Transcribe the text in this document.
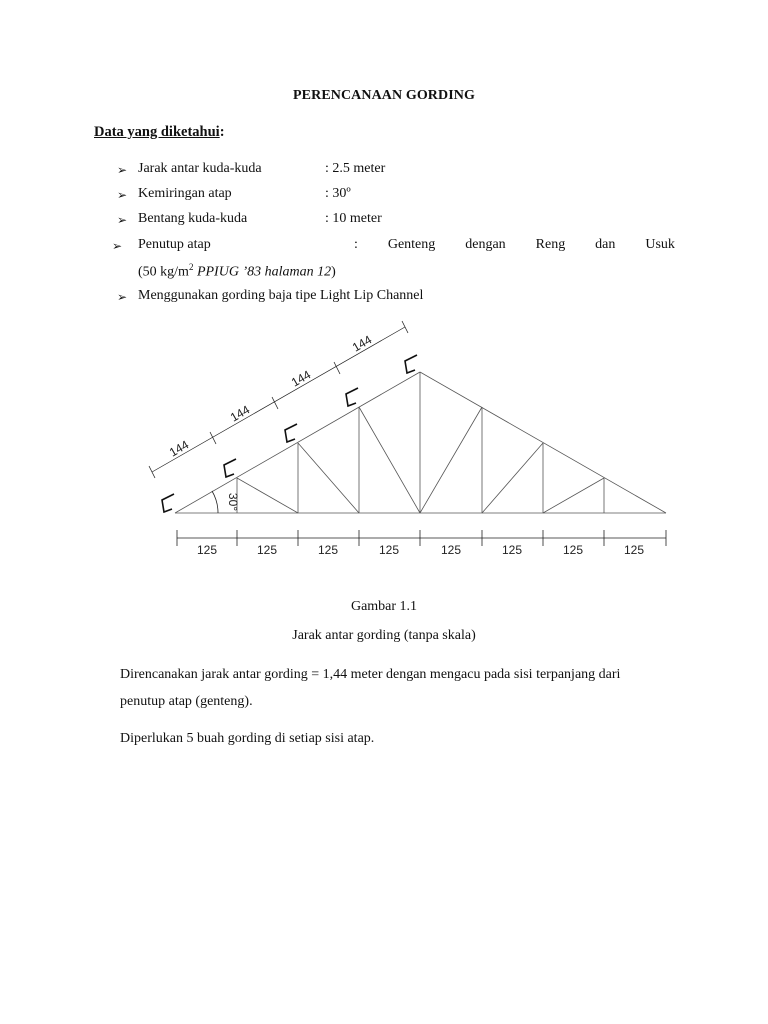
PERENCANAAN GORDING
Data yang diketahui:
➢ Jarak antar kuda-kuda	: 2.5 meter
➢ Kemiringan atap	: 30º
➢ Bentang kuda-kuda	: 10 meter
➢ Penutup atap	: Genteng dengan Reng dan Usuk
(50 $kg/m^2$ PPIUG ’83 halaman 12)
➢ Menggunakan gording baja tipe Light Lip Channel
144
144
144
144
30°
125	125	125	125	125	125	125	125
Gambar 1.1
Jarak antar gording (tanpa skala)
Direncanakan jarak antar gording = 1,44 meter dengan mengacu pada sisi terpanjang dari
penutup atap (genteng).
Diperlukan 5 buah gording di setiap sisi atap.
